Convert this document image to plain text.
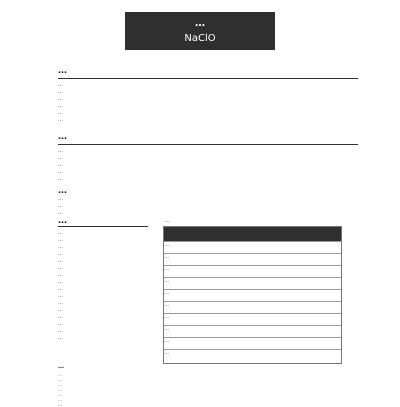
…
NaClO
…
…
…
…
…
…
…
…
…
…
…
…
…
…
…
…
…
…
…
…
…
…
…
…
…
…
…
…
…
…
…
…
…
…
…
…
…
…
…
…
…
…
…
…
…
…
…
…
…
…
…
…
…
